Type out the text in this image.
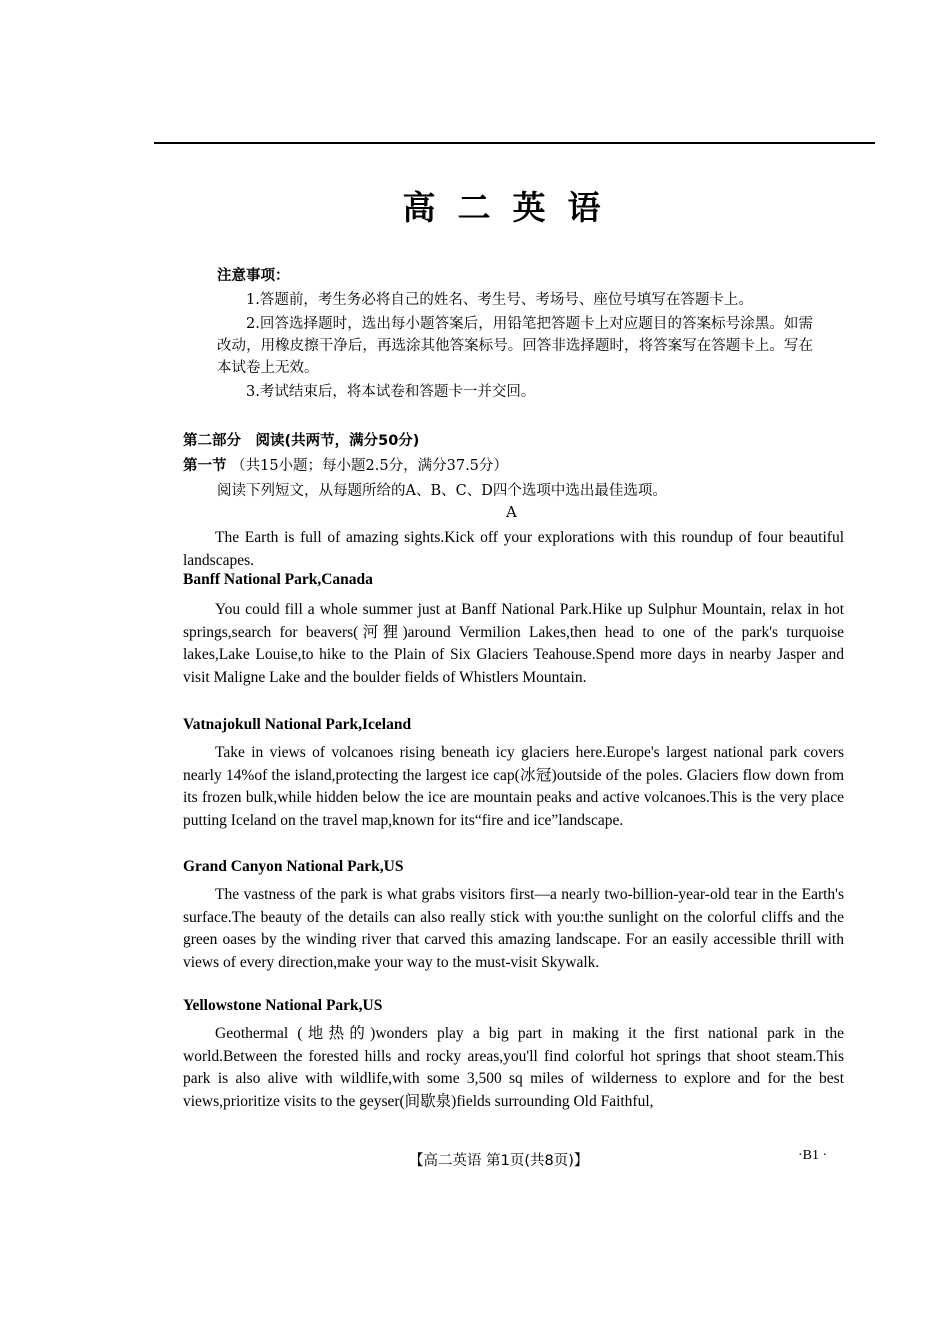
高二英语
注意事项：
1.答题前，考生务必将自己的姓名、考生号、考场号、座位号填写在答题卡上。
2.回答选择题时，选出每小题答案后，用铅笔把答题卡上对应题目的答案标号涂黑。如需改动，用橡皮擦干净后，再选涂其他答案标号。回答非选择题时，将答案写在答题卡上。写在本试卷上无效。
3.考试结束后，将本试卷和答题卡一并交回。
第二部分　阅读(共两节，满分50分)
第一节 （共15小题；每小题2.5分，满分37.5分）
阅读下列短文，从每题所给的A、B、C、D四个选项中选出最佳选项。
A
The Earth is full of amazing sights.Kick off your explorations with this roundup of four beautiful landscapes.
Banff National Park,Canada
You could fill a whole summer just at Banff National Park.Hike up Sulphur Mountain, relax in hot springs,search for beavers(河狸)around Vermilion Lakes,then head to one of the park's turquoise lakes,Lake Louise,to hike to the Plain of Six Glaciers Teahouse.Spend more days in nearby Jasper and visit Maligne Lake and the boulder fields of Whistlers Mountain.
Vatnajokull National Park,Iceland
Take in views of volcanoes rising beneath icy glaciers here.Europe's largest national park covers nearly 14%of the island,protecting the largest ice cap(冰冠)outside of the poles. Glaciers flow down from its frozen bulk,while hidden below the ice are mountain peaks and active volcanoes.This is the very place putting Iceland on the travel map,known for its“fire and ice”landscape.
Grand Canyon National Park,US
The vastness of the park is what grabs visitors first—a nearly two-billion-year-old tear in the Earth's surface.The beauty of the details can also really stick with you:the sunlight on the colorful cliffs and the green oases by the winding river that carved this amazing landscape. For an easily accessible thrill with views of every direction,make your way to the must-visit Skywalk.
Yellowstone National Park,US
Geothermal (地热的)wonders play a big part in making it the first national park in the world.Between the forested hills and rocky areas,you'll find colorful hot springs that shoot steam.This park is also alive with wildlife,with some 3,500 sq miles of wilderness to explore and for the best views,prioritize visits to the geyser(间歇泉)fields surrounding Old Faithful,
【高二英语 第1页(共8页)】	·B1 ·
